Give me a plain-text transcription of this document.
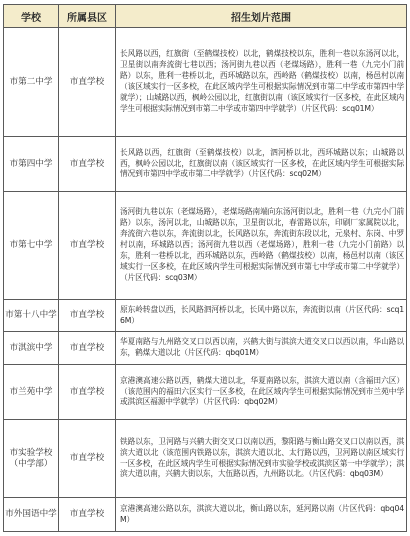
学校	所属县区	招生划片范围
市第二中学	市直学校	长风路以西，红旗街（至鹤煤技校）以北，鹤煤技校以东，胜利一巷以东汤河以北，卫星街以南奔流街七巷以西；汤河街九巷以西（老煤场路），胜利一巷（九完小门前路）以东，胜利一巷桥以北，西环城路以东，西岭路（鹤煤技校）以南，杨邑村以南（该区域实行一区多校，在此区域内学生可根据实际情况到市第二中学或市第四中学就学）；山城路以西，枫岭公园以北，红旗街以南（该区域实行一区多校，在此区域内学生可根据实际情况到市第二中学或市第四中学就学）（片区代码：scq01M）
市第四中学	市直学校	长风路以西，红旗街（至鹤煤技校）以北，泗河桥以北，西环城路以东；山城路以西，枫岭公园以北，红旗街以南（该区域实行一区多校，在此区域内学生可根据实际情况到市第四中学或市第二中学就学）（片区代码：scq02M）
市第七中学	市直学校	汤河街九巷以东（老煤场路），老煤场路南端向东汤河街以北，胜利一巷（九完小门前路）以东，汤河以北，山城路以东，卫星街以北，春雷路以东，印刷厂家属院以北，奔流街六巷以东，奔流街以北，长风路以东，奔流街东段以北，元泉村、东岗、中罗村以南，环城路以西；汤河街九巷以西（老煤场路），胜利一巷（九完小门前路）以东，胜利一巷桥以北，西环城路以东，西岭路（鹤煤技校）以南，杨邑村以南（该区域实行一区多校，在此区域内学生可根据实际情况到市第七中学或市第二中学就学）（片区代码：scq03M）
市第十八中学	市直学校	原东岭转盘以西，长风路泗河桥以北，长风中路以东，奔流街以南（片区代码：scq16M）
市淇滨中学	市直学校	华夏南路与九州路交叉口以西以南，兴鹤大街与淇滨大道交叉口以西以南，华山路以东，鹤煤大道以北（片区代码：qbq01M）
市兰苑中学	市直学校	京港澳高速公路以西，鹤煤大道以北，华夏南路以东，淇滨大道以南（含福田六区）（该范围内的福田六区实行一区多校，在此区域内学生可根据实际情况到市兰苑中学或淇滨区福源中学就学）（片区代码：qbq02M）
市实验学校（中学部）	市直学校	铁路以东，卫河路与兴鹤大街交叉口以南以西，黎阳路与衡山路交叉口以南以西，淇滨大道以北（该范围内铁路以东，淇滨大道以北、太行路以西，卫河路以南区域实行一区多校，在此区域内学生可根据实际情况到市实验学校或淇滨区第一中学就学）；淇滨大道以南，兴鹤大街以东，大伍路以西，九州路以北。（片区代码：qbq03M）
市外国语中学	市直学校	京港澳高速公路以东，淇滨大道以北，衡山路以东，延河路以南（片区代码：qbq04M）
